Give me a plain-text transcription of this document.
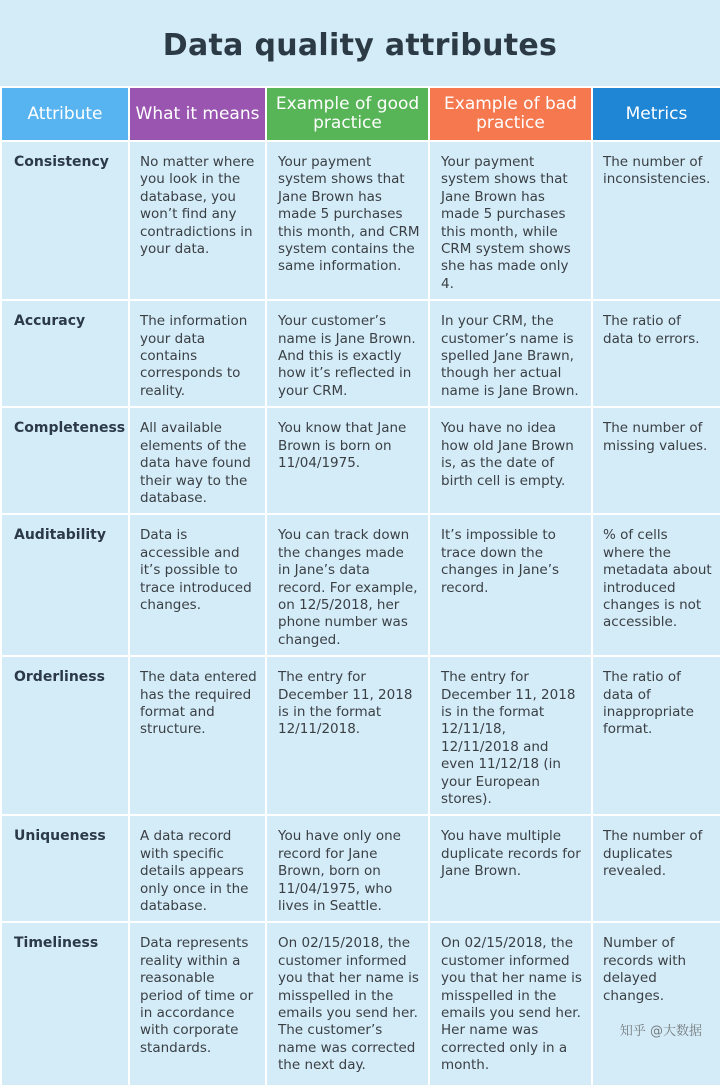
Data quality attributes
Attribute	What it means	Example of good practice	Example of bad practice	Metrics
Consistency	No matter where you look in the database, you won’t find any contradictions in your data.	Your payment system shows that Jane Brown has made 5 purchases this month, and CRM system contains the same information.	Your payment system shows that Jane Brown has made 5 purchases this month, while CRM system shows she has made only 4.	The number of inconsistencies.
Accuracy	The information your data contains corresponds to reality.	Your customer’s name is Jane Brown. And this is exactly how it’s reflected in your CRM.	In your CRM, the customer’s name is spelled Jane Brawn, though her actual name is Jane Brown.	The ratio of data to errors.
Completeness	All available elements of the data have found their way to the database.	You know that Jane Brown is born on 11/04/1975.	You have no idea how old Jane Brown is, as the date of birth cell is empty.	The number of missing values.
Auditability	Data is accessible and it’s possible to trace introduced changes.	You can track down the changes made in Jane’s data record. For example, on 12/5/2018, her phone number was changed.	It’s impossible to trace down the changes in Jane’s record.	% of cells where the metadata about introduced changes is not accessible.
Orderliness	The data entered has the required format and structure.	The entry for December 11, 2018 is in the format 12/11/2018.	The entry for December 11, 2018 is in the format 12/11/18, 12/11/2018 and even 11/12/18 (in your European stores).	The ratio of data of inappropriate format.
Uniqueness	A data record with specific details appears only once in the database.	You have only one record for Jane Brown, born on 11/04/1975, who lives in Seattle.	You have multiple duplicate records for Jane Brown.	The number of duplicates revealed.
Timeliness	Data represents reality within a reasonable period of time or in accordance with corporate standards.	On 02/15/2018, the customer informed you that her name is misspelled in the emails you send her. The customer’s name was corrected the next day.	On 02/15/2018, the customer informed you that her name is misspelled in the emails you send her. Her name was corrected only in a month.	Number of records with delayed changes.
知乎 @大数据
